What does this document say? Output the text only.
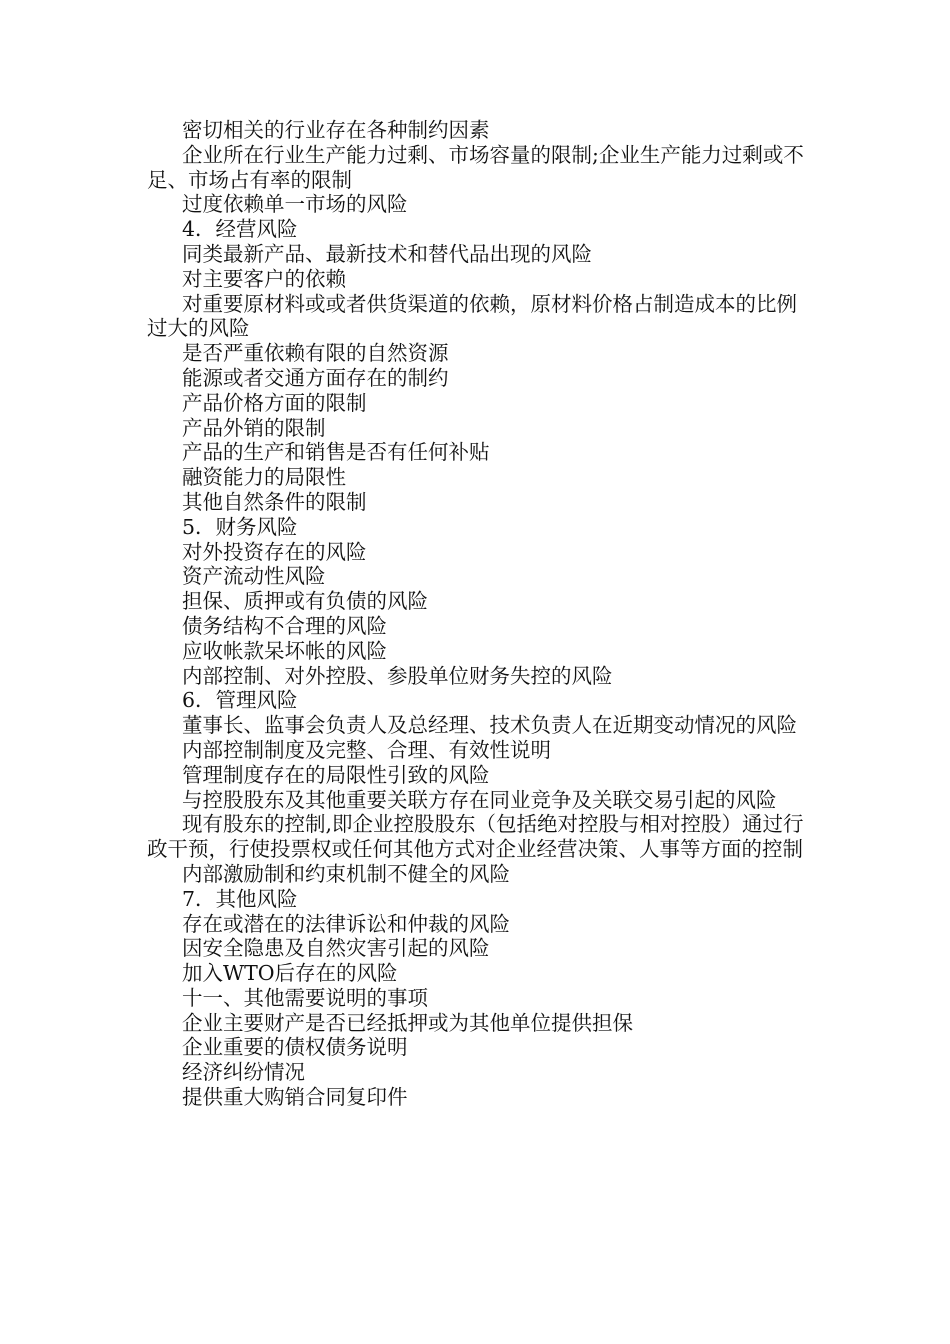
密切相关的行业存在各种制约因素

企业所在行业生产能力过剩、市场容量的限制;企业生产能力过剩或不足、市场占有率的限制

过度依赖单一市场的风险

4．经营风险

同类最新产品、最新技术和替代品出现的风险

对主要客户的依赖

对重要原材料或或者供货渠道的依赖，原材料价格占制造成本的比例过大的风险

是否严重依赖有限的自然资源

能源或者交通方面存在的制约

产品价格方面的限制

产品外销的限制

产品的生产和销售是否有任何补贴

融资能力的局限性

其他自然条件的限制

5．财务风险

对外投资存在的风险

资产流动性风险

担保、质押或有负债的风险

债务结构不合理的风险

应收帐款呆坏帐的风险

内部控制、对外控股、参股单位财务失控的风险

6．管理风险

董事长、监事会负责人及总经理、技术负责人在近期变动情况的风险

内部控制制度及完整、合理、有效性说明

管理制度存在的局限性引致的风险

与控股股东及其他重要关联方存在同业竞争及关联交易引起的风险

现有股东的控制,即企业控股股东（包括绝对控股与相对控股）通过行政干预，行使投票权或任何其他方式对企业经营决策、人事等方面的控制

内部激励制和约束机制不健全的风险

7．其他风险

存在或潜在的法律诉讼和仲裁的风险

因安全隐患及自然灾害引起的风险

加入WTO后存在的风险

十一、其他需要说明的事项

企业主要财产是否已经抵押或为其他单位提供担保

企业重要的债权债务说明

经济纠纷情况

提供重大购销合同复印件
